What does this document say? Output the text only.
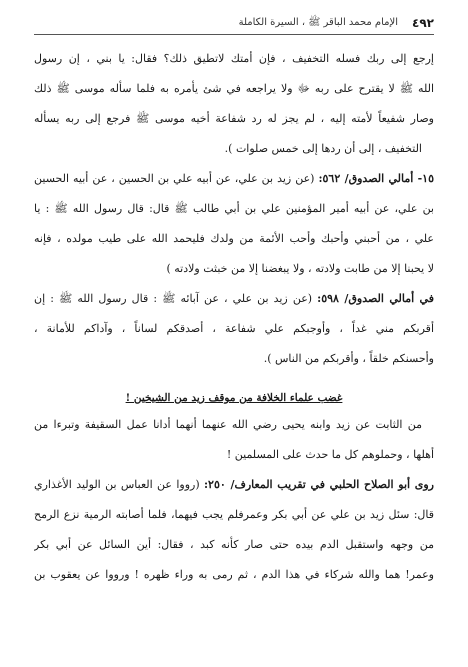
٤٩٢
الإمام محمد الباقر ﷺ ، السيرة الكاملة
إرجع إلى ربك فسله التخفيف ، فإن أمتك لاتطيق ذلك؟ فقال: يا بني ، إن رسول
الله ﷺ لا يقترح على ربه ﷻ ولا يراجعه في شئ يأمره به فلما سأله موسى ﷺ ذلك
وصار شفيعاً لأمته إليه ، لم يجز له رد شفاعة أخيه موسى ﷺ فرجع إلى ربه يسأله
التخفيف ، إلى أن ردها إلى خمس صلوات ).
١٥- أمالي الصدوق/ ٥٦٢: (عن زيد بن علي، عن أبيه علي بن الحسين ، عن أبيه الحسين
بن علي، عن أبيه أمير المؤمنين علي بن أبي طالب ﷺ قال: قال رسول الله ﷺ : يا
علي ، من أحبني وأحبك وأحب الأئمة من ولدك فليحمد الله على طيب مولده ، فإنه
لا يحبنا إلا من طابت ولادته ، ولا يبغضنا إلا من خبثت ولادته )
في أمالي الصدوق/ ٥٩٨: (عن زيد بن علي ، عن آبائه ﷺ : قال رسول الله ﷺ : إن
أقربكم مني غداً ، وأوجبكم علي شفاعة ، أصدقكم لساناً ، وآداكم للأمانة ،
وأحسنكم خلقاً ، وأقربكم من الناس ).
غضب علماء الخلافة من موقف زيد من الشيخين !
من الثابت عن زيد وابنه يحيى رضي الله عنهما أنهما أدانا عمل السقيفة وتبرءا من
أهلها ، وحملوهم كل ما حدث على المسلمين !
روى أبو الصلاح الحلبي في تقريب المعارف/ ٢٥٠: (رووا عن العباس بن الوليد الأغذاري
قال: سئل زيد بن علي عن أبي بكر وعمرفلم يجب فيهما، فلما أصابته الرمية نزع الرمح
من وجهه واستقبل الدم بيده حتى صار كأنه كبد ، فقال: أين السائل عن أبي بكر
وعمر! هما والله شركاء في هذا الدم ، ثم رمى به وراء ظهره ! ورووا عن يعقوب بن
